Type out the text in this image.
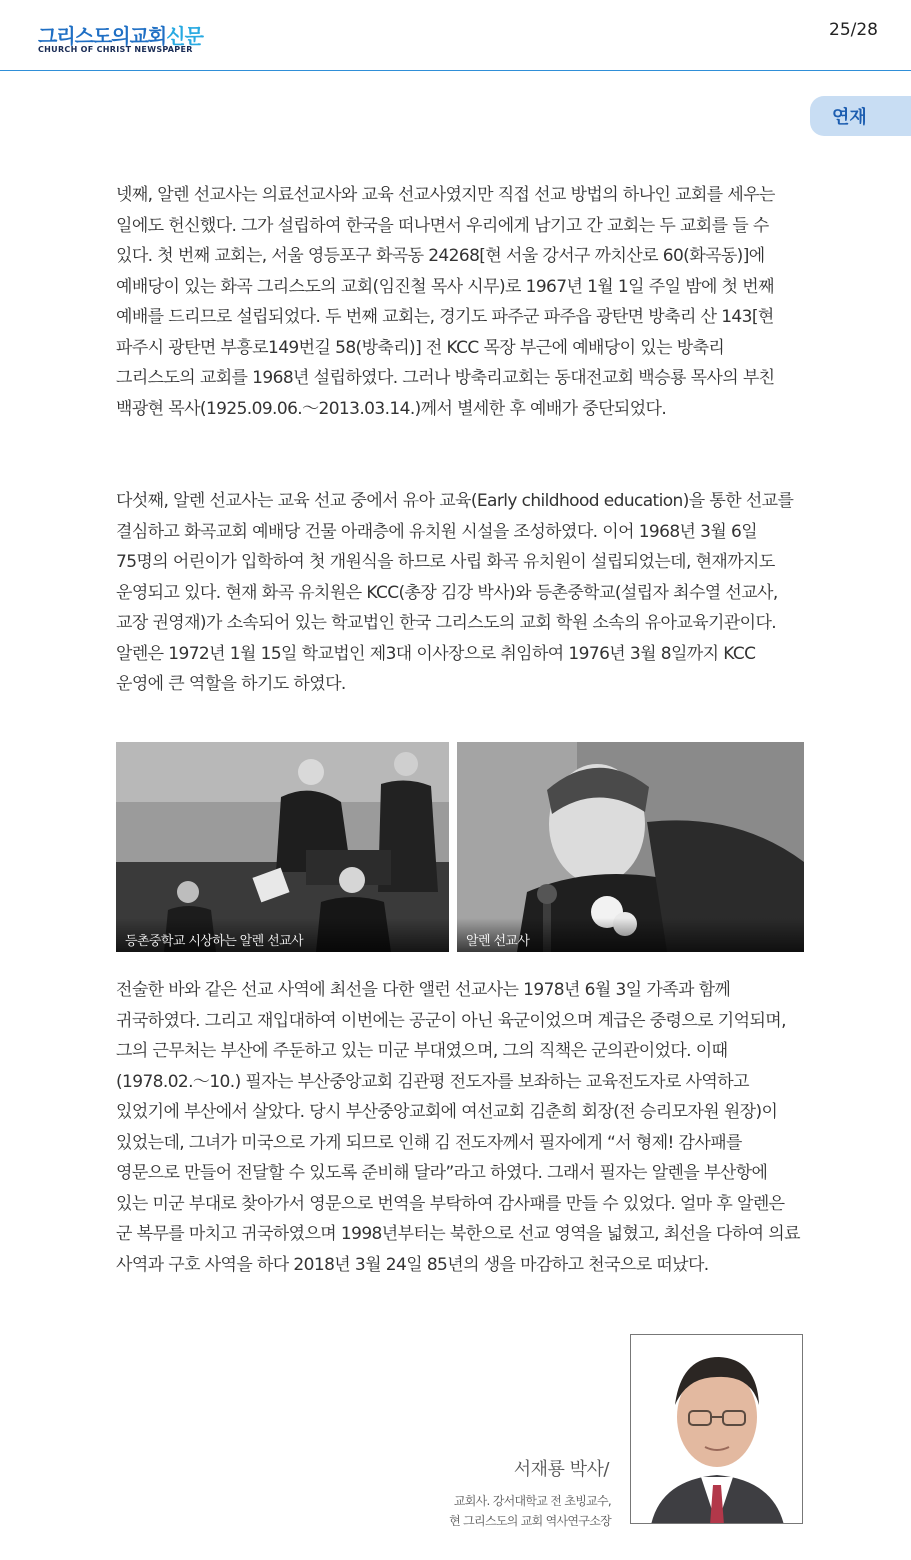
그리스도의교회신문
CHURCH OF CHRIST NEWSPAPER
25/28
연재

넷째, 알렌 선교사는 의료선교사와 교육 선교사였지만 직접 선교 방법의 하나인 교회를 세우는 일에도 헌신했다. 그가 설립하여 한국을 떠나면서 우리에게 남기고 간 교회는 두 교회를 들 수 있다. 첫 번째 교회는, 서울 영등포구 화곡동 24268[현 서울 강서구 까치산로 60(화곡동)]에 예배당이 있는 화곡 그리스도의 교회(임진철 목사 시무)로 1967년 1월 1일 주일 밤에 첫 번째 예배를 드리므로 설립되었다. 두 번째 교회는, 경기도 파주군 파주읍 광탄면 방축리 산 143[현 파주시 광탄면 부흥로149번길 58(방축리)] 전 KCC 목장 부근에 예배당이 있는 방축리 그리스도의 교회를 1968년 설립하였다. 그러나 방축리교회는 동대전교회 백승룡 목사의 부친 백광현 목사(1925.09.06.～2013.03.14.)께서 별세한 후 예배가 중단되었다.

다섯째, 알렌 선교사는 교육 선교 중에서 유아 교육(Early childhood education)을 통한 선교를 결심하고 화곡교회 예배당 건물 아래층에 유치원 시설을 조성하였다. 이어 1968년 3월 6일 75명의 어린이가 입학하여 첫 개원식을 하므로 사립 화곡 유치원이 설립되었는데, 현재까지도 운영되고 있다. 현재 화곡 유치원은 KCC(총장 김강 박사)와 등촌중학교(설립자 최수열 선교사, 교장 권영재)가 소속되어 있는 학교법인 한국 그리스도의 교회 학원 소속의 유아교육기관이다. 알렌은 1972년 1월 15일 학교법인 제3대 이사장으로 취임하여 1976년 3월 8일까지 KCC 운영에 큰 역할을 하기도 하였다.

등촌중학교 시상하는 알렌 선교사	알렌 선교사

전술한 바와 같은 선교 사역에 최선을 다한 앨런 선교사는 1978년 6월 3일 가족과 함께 귀국하였다. 그리고 재입대하여 이번에는 공군이 아닌 육군이었으며 계급은 중령으로 기억되며, 그의 근무처는 부산에 주둔하고 있는 미군 부대였으며, 그의 직책은 군의관이었다. 이때(1978.02.～10.) 필자는 부산중앙교회 김관평 전도자를 보좌하는 교육전도자로 사역하고 있었기에 부산에서 살았다. 당시 부산중앙교회에 여선교회 김춘희 회장(전 승리모자원 원장)이 있었는데, 그녀가 미국으로 가게 되므로 인해 김 전도자께서 필자에게 “서 형제! 감사패를 영문으로 만들어 전달할 수 있도록 준비해 달라”라고 하였다. 그래서 필자는 알렌을 부산항에 있는 미군 부대로 찾아가서 영문으로 번역을 부탁하여 감사패를 만들 수 있었다. 얼마 후 알렌은 군 복무를 마치고 귀국하였으며 1998년부터는 북한으로 선교 영역을 넓혔고, 최선을 다하여 의료 사역과 구호 사역을 하다 2018년 3월 24일 85년의 생을 마감하고 천국으로 떠났다.

서재룡 박사/
교회사. 강서대학교 전 초빙교수,
현 그리스도의 교회 역사연구소장
